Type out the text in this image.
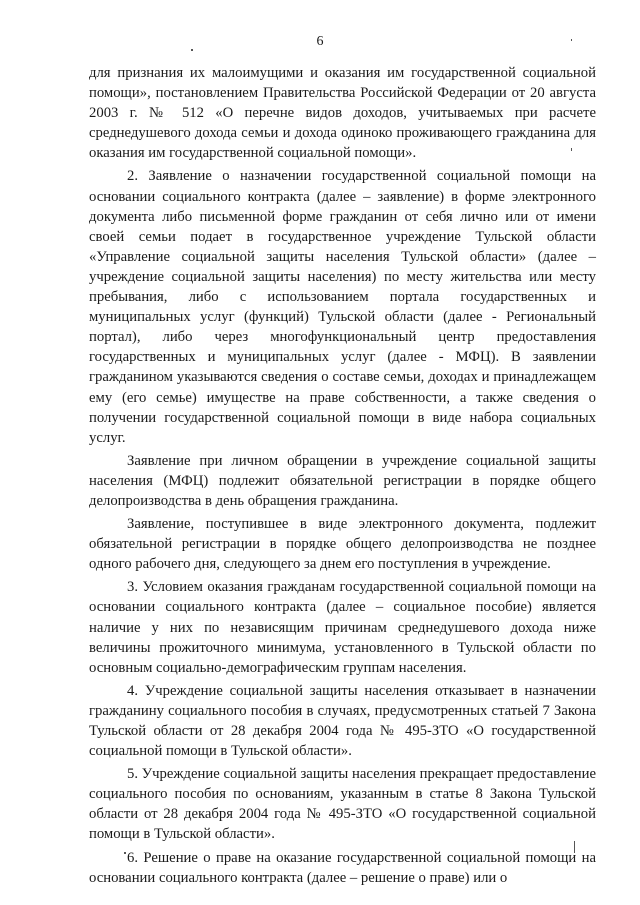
6

для признания их малоимущими и оказания им государственной социальной помощи», постановлением Правительства Российской Федерации от 20 августа 2003 г. № 512 «О перечне видов доходов, учитываемых при расчете среднедушевого дохода семьи и дохода одиноко проживающего гражданина для оказания им государственной социальной помощи».

2. Заявление о назначении государственной социальной помощи на основании социального контракта (далее – заявление) в форме электронного документа либо письменной форме гражданин от себя лично или от имени своей семьи подает в государственное учреждение Тульской области «Управление социальной защиты населения Тульской области» (далее – учреждение социальной защиты населения) по месту жительства или месту пребывания, либо с использованием портала государственных и муниципальных услуг (функций) Тульской области (далее - Региональный портал), либо через многофункциональный центр предоставления государственных и муниципальных услуг (далее - МФЦ). В заявлении гражданином указываются сведения о составе семьи, доходах и принадлежащем ему (его семье) имуществе на праве собственности, а также сведения о получении государственной социальной помощи в виде набора социальных услуг.

Заявление при личном обращении в учреждение социальной защиты населения (МФЦ) подлежит обязательной регистрации в порядке общего делопроизводства в день обращения гражданина.

Заявление, поступившее в виде электронного документа, подлежит обязательной регистрации в порядке общего делопроизводства не позднее одного рабочего дня, следующего за днем его поступления в учреждение.

3. Условием оказания гражданам государственной социальной помощи на основании социального контракта (далее – социальное пособие) является наличие у них по независящим причинам среднедушевого дохода ниже величины прожиточного минимума, установленного в Тульской области по основным социально-демографическим группам населения.

4. Учреждение социальной защиты населения отказывает в назначении гражданину социального пособия в случаях, предусмотренных статьей 7 Закона Тульской области от 28 декабря 2004 года № 495-ЗТО «О государственной социальной помощи в Тульской области».

5. Учреждение социальной защиты населения прекращает предоставление социального пособия по основаниям, указанным в статье 8 Закона Тульской области от 28 декабря 2004 года № 495-ЗТО «О государственной социальной помощи в Тульской области».

6. Решение о праве на оказание государственной социальной помощи на основании социального контракта (далее – решение о праве) или о
